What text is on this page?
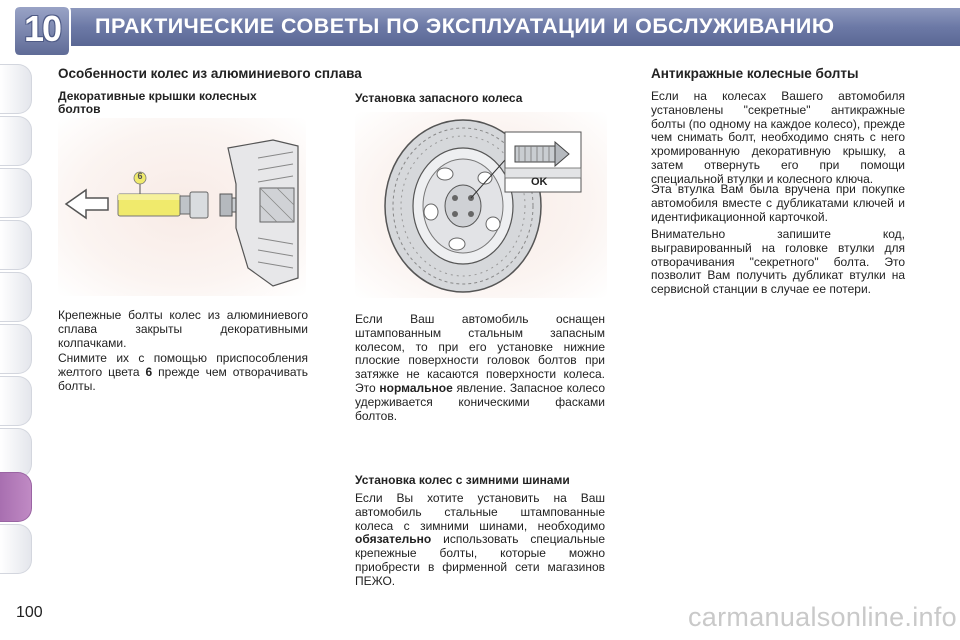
10	ПРАКТИЧЕСКИЕ СОВЕТЫ ПО ЭКСПЛУАТАЦИИ И ОБСЛУЖИВАНИЮ
Особенности колес из алюминиевого сплава
Декоративные крышки колесных
болтов
6
Крепежные болты колес из алюминиевого сплава закрыты декоративными колпачками.
Снимите их с помощью приспособления желтого цвета 6 прежде чем отворачивать болты.
Установка запасного колеса
OK
Если Ваш автомобиль оснащен штампованным стальным запасным колесом, то при его установке нижние плоские поверхности головок болтов при затяжке не касаются поверхности колеса. Это нормальное явление. Запасное колесо удерживается коническими фасками болтов.
Установка колес с зимними шинами
Если Вы хотите установить на Ваш автомобиль стальные штампованные колеса с зимними шинами, необходимо обязательно использовать специальные крепежные болты, которые можно приобрести в фирменной сети магазинов ПЕЖО.
Антикражные колесные болты
Если на колесах Вашего автомобиля установлены "секретные" антикражные болты (по одному на каждое колесо), прежде чем снимать болт, необходимо снять с него хромированную декоративную крышку, а затем отвернуть его при помощи специальной втулки и колесного ключа.
Эта втулка Вам была вручена при покупке автомобиля вместе с дубликатами ключей и идентификационной карточкой.
Внимательно запишите код, выгравированный на головке втулки для отворачивания "секретного" болта. Это позволит Вам получить дубликат втулки на сервисной станции в случае ее потери.
100	carmanualsonline.info
